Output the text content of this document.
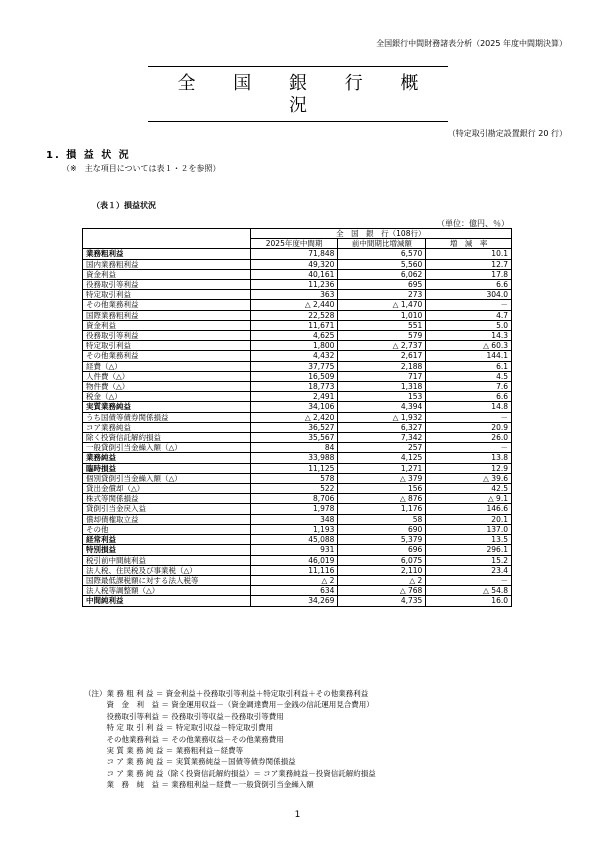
全国銀行中間財務諸表分析（2025 年度中間期決算）
全 国 銀 行 概 況
（特定取引勘定設置銀行 20 行）
1. 損 益 状 況
（※　主な項目については表１・２を参照）
（表１）損益状況
（単位：億円、％）
	全　国　銀　行（108行）		
	2025年度中間期	前中間期比増減額	増　減　率
業務粗利益	71,848	6,570	10.1
国内業務粗利益	49,320	5,560	12.7
資金利益	40,161	6,062	17.8
役務取引等利益	11,236	695	6.6
特定取引利益	363	273	304.0
その他業務利益	△ 2,440	△ 1,470	－
国際業務粗利益	22,528	1,010	4.7
資金利益	11,671	551	5.0
役務取引等利益	4,625	579	14.3
特定取引利益	1,800	△ 2,737	△ 60.3
その他業務利益	4,432	2,617	144.1
経費（△）	37,775	2,188	6.1
人件費（△）	16,509	717	4.5
物件費（△）	18,773	1,318	7.6
税金（△）	2,491	153	6.6
実質業務純益	34,106	4,394	14.8
うち国債等債券関係損益	△ 2,420	△ 1,932	－
コア業務純益	36,527	6,327	20.9
除く投資信託解約損益	35,567	7,342	26.0
一般貸倒引当金繰入額（△）	84	257	－
業務純益	33,988	4,125	13.8
臨時損益	11,125	1,271	12.9
個別貸倒引当金繰入額（△）	578	△ 379	△ 39.6
貸出金償却（△）	522	156	42.5
株式等関係損益	8,706	△ 876	△ 9.1
貸倒引当金戻入益	1,978	1,176	146.6
償却債権取立益	348	58	20.1
その他	1,193	690	137.0
経常利益	45,088	5,379	13.5
特別損益	931	696	296.1
税引前中間純利益	46,019	6,075	15.2
法人税、住民税及び事業税（△）	11,116	2,110	23.4
国際最低課税額に対する法人税等	△ 2	△ 2	－
法人税等調整額（△）	634	△ 768	△ 54.8
中間純利益	34,269	4,735	16.0
（注）業 務 粗 利 益 ＝ 資金利益＋役務取引等利益＋特定取引利益＋その他業務利益
　　　資　金　利　益 ＝ 資金運用収益－（資金調達費用－金銭の信託運用見合費用）
　　　役務取引等利益 ＝ 役務取引等収益－役務取引等費用
　　　特 定 取 引 利 益 ＝ 特定取引収益－特定取引費用
　　　その他業務利益 ＝ その他業務収益－その他業務費用
　　　実 質 業 務 純 益 ＝ 業務粗利益－経費等
　　　コ ア 業 務 純 益 ＝ 実質業務純益－国債等債券関係損益
　　　コ ア 業 務 純 益（除く投資信託解約損益）＝ コア業務純益－投資信託解約損益
　　　業　務　純　益 ＝ 業務粗利益－経費－一般貸倒引当金繰入額
1
